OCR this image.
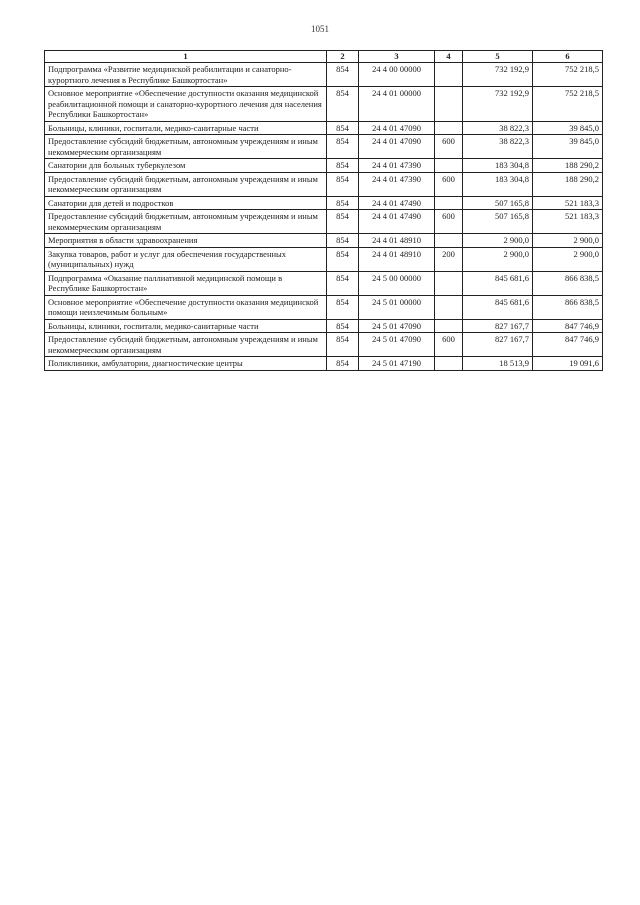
1051
1	2	3	4	5	6
Подпрограмма «Развитие медицинской реабилитации и санаторно-курортного лечения в Республике Башкортостан»	854	24 4 00 00000		732 192,9	752 218,5
Основное мероприятие «Обеспечение доступности оказания медицинской реабилитационной помощи и санаторно-курортного лечения для населения Республики Башкортостан»	854	24 4 01 00000		732 192,9	752 218,5
Больницы, клиники, госпитали, медико-санитарные части	854	24 4 01 47090		38 822,3	39 845,0
Предоставление субсидий бюджетным, автономным учреждениям и иным некоммерческим организациям	854	24 4 01 47090	600	38 822,3	39 845,0
Санатории для больных туберкулезом	854	24 4 01 47390		183 304,8	188 290,2
Предоставление субсидий бюджетным, автономным учреждениям и иным некоммерческим организациям	854	24 4 01 47390	600	183 304,8	188 290,2
Санатории для детей и подростков	854	24 4 01 47490		507 165,8	521 183,3
Предоставление субсидий бюджетным, автономным учреждениям и иным некоммерческим организациям	854	24 4 01 47490	600	507 165,8	521 183,3
Мероприятия в области здравоохранения	854	24 4 01 48910		2 900,0	2 900,0
Закупка товаров, работ и услуг для обеспечения государственных (муниципальных) нужд	854	24 4 01 48910	200	2 900,0	2 900,0
Подпрограмма «Оказание паллиативной медицинской помощи в Республике Башкортостан»	854	24 5 00 00000		845 681,6	866 838,5
Основное мероприятие «Обеспечение доступности оказания медицинской помощи неизлечимым больным»	854	24 5 01 00000		845 681,6	866 838,5
Больницы, клиники, госпитали, медико-санитарные части	854	24 5 01 47090		827 167,7	847 746,9
Предоставление субсидий бюджетным, автономным учреждениям и иным некоммерческим организациям	854	24 5 01 47090	600	827 167,7	847 746,9
Поликлиники, амбулатории, диагностические центры	854	24 5 01 47190		18 513,9	19 091,6
